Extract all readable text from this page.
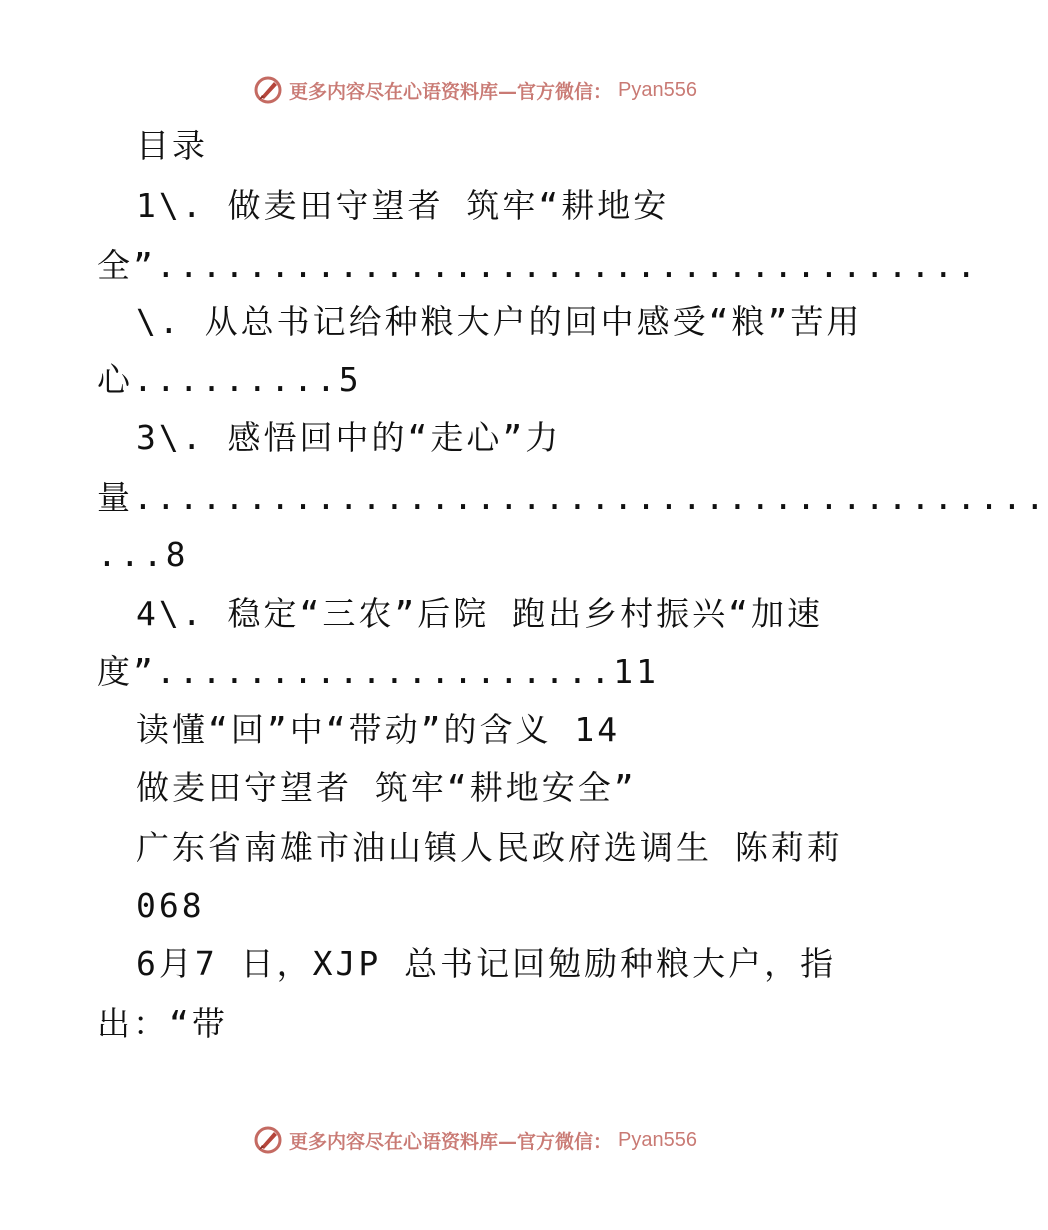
更多内容尽在心语资料库—官方微信： Pyan556
目录
1\. 做麦田守望者 筑牢“耕地安
全”....................................
\. 从总书记给种粮大户的回中感受“粮”苦用
心.........5
3\. 感悟回中的“走心”力
量........................................
...8
4\. 稳定“三农”后院 跑出乡村振兴“加速
度”....................11
读懂“回”中“带动”的含义 14
做麦田守望者 筑牢“耕地安全”
广东省南雄市油山镇人民政府选调生 陈莉莉
068
6月7 日，XJP 总书记回勉励种粮大户，指
出：“带
更多内容尽在心语资料库—官方微信： Pyan556
